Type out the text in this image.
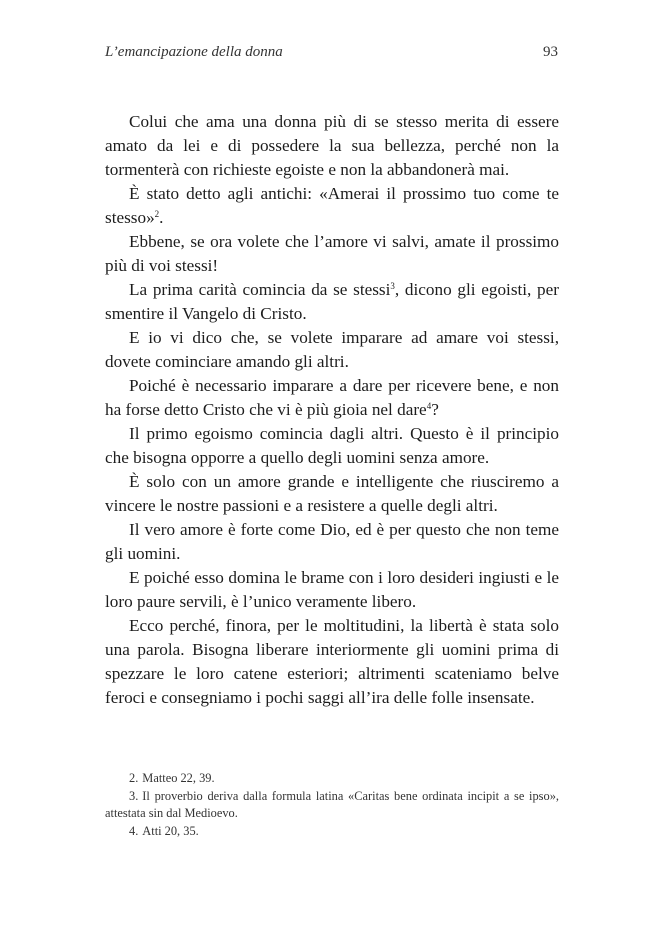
L’emancipazione della donna	93

Colui che ama una donna più di se stesso merita di essere amato da lei e di possedere la sua bellezza, perché non la tormenterà con richieste egoiste e non la abbandonerà mai.

È stato detto agli antichi: «Amerai il prossimo tuo come te stesso»$^2$.

Ebbene, se ora volete che l’amore vi salvi, amate il prossimo più di voi stessi!

La prima carità comincia da se stessi$^3$, dicono gli egoisti, per smentire il Vangelo di Cristo.

E io vi dico che, se volete imparare ad amare voi stessi, dovete cominciare amando gli altri.

Poiché è necessario imparare a dare per ricevere bene, e non ha forse detto Cristo che vi è più gioia nel dare$^4$?

Il primo egoismo comincia dagli altri. Questo è il principio che bisogna opporre a quello degli uomini senza amore.

È solo con un amore grande e intelligente che riusciremo a vincere le nostre passioni e a resistere a quelle degli altri.

Il vero amore è forte come Dio, ed è per questo che non teme gli uomini.

E poiché esso domina le brame con i loro desideri ingiusti e le loro paure servili, è l’unico veramente libero.

Ecco perché, finora, per le moltitudini, la libertà è stata solo una parola. Bisogna liberare interiormente gli uomini prima di spezzare le loro catene esteriori; altrimenti scateniamo belve feroci e consegniamo i pochi saggi all’ira delle folle insensate.

2. Matteo 22, 39.

3. Il proverbio deriva dalla formula latina «Caritas bene ordinata incipit a se ipso», attestata sin dal Medioevo.

4. Atti 20, 35.
